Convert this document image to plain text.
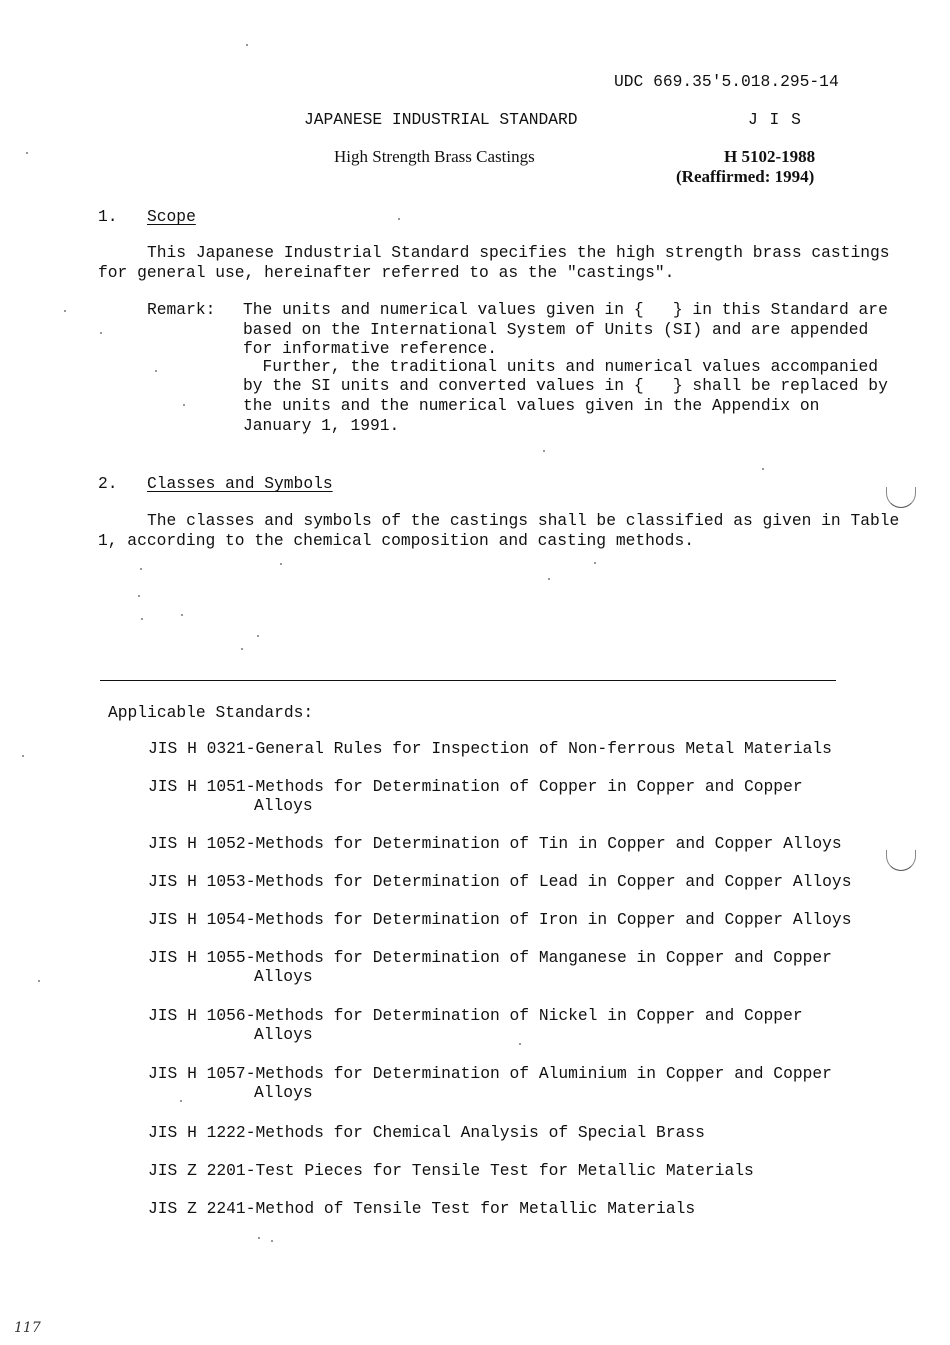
UDC 669.35'5.018.295-14
JAPANESE INDUSTRIAL STANDARD	J I S
High Strength Brass Castings	H 5102-1988
(Reaffirmed: 1994)
1. Scope
This Japanese Industrial Standard specifies the high strength brass castings
for general use, hereinafter referred to as the "castings".
Remark: The units and numerical values given in {   } in this Standard are
based on the International System of Units (SI) and are appended
for informative reference.
Further, the traditional units and numerical values accompanied
by the SI units and converted values in {   } shall be replaced by
the units and the numerical values given in the Appendix on
January 1, 1991.
2. Classes and Symbols
The classes and symbols of the castings shall be classified as given in Table
1, according to the chemical composition and casting methods.
Applicable Standards:
JIS H 0321-General Rules for Inspection of Non-ferrous Metal Materials
JIS H 1051-Methods for Determination of Copper in Copper and Copper
Alloys
JIS H 1052-Methods for Determination of Tin in Copper and Copper Alloys
JIS H 1053-Methods for Determination of Lead in Copper and Copper Alloys
JIS H 1054-Methods for Determination of Iron in Copper and Copper Alloys
JIS H 1055-Methods for Determination of Manganese in Copper and Copper
Alloys
JIS H 1056-Methods for Determination of Nickel in Copper and Copper
Alloys
JIS H 1057-Methods for Determination of Aluminium in Copper and Copper
Alloys
JIS H 1222-Methods for Chemical Analysis of Special Brass
JIS Z 2201-Test Pieces for Tensile Test for Metallic Materials
JIS Z 2241-Method of Tensile Test for Metallic Materials
117
